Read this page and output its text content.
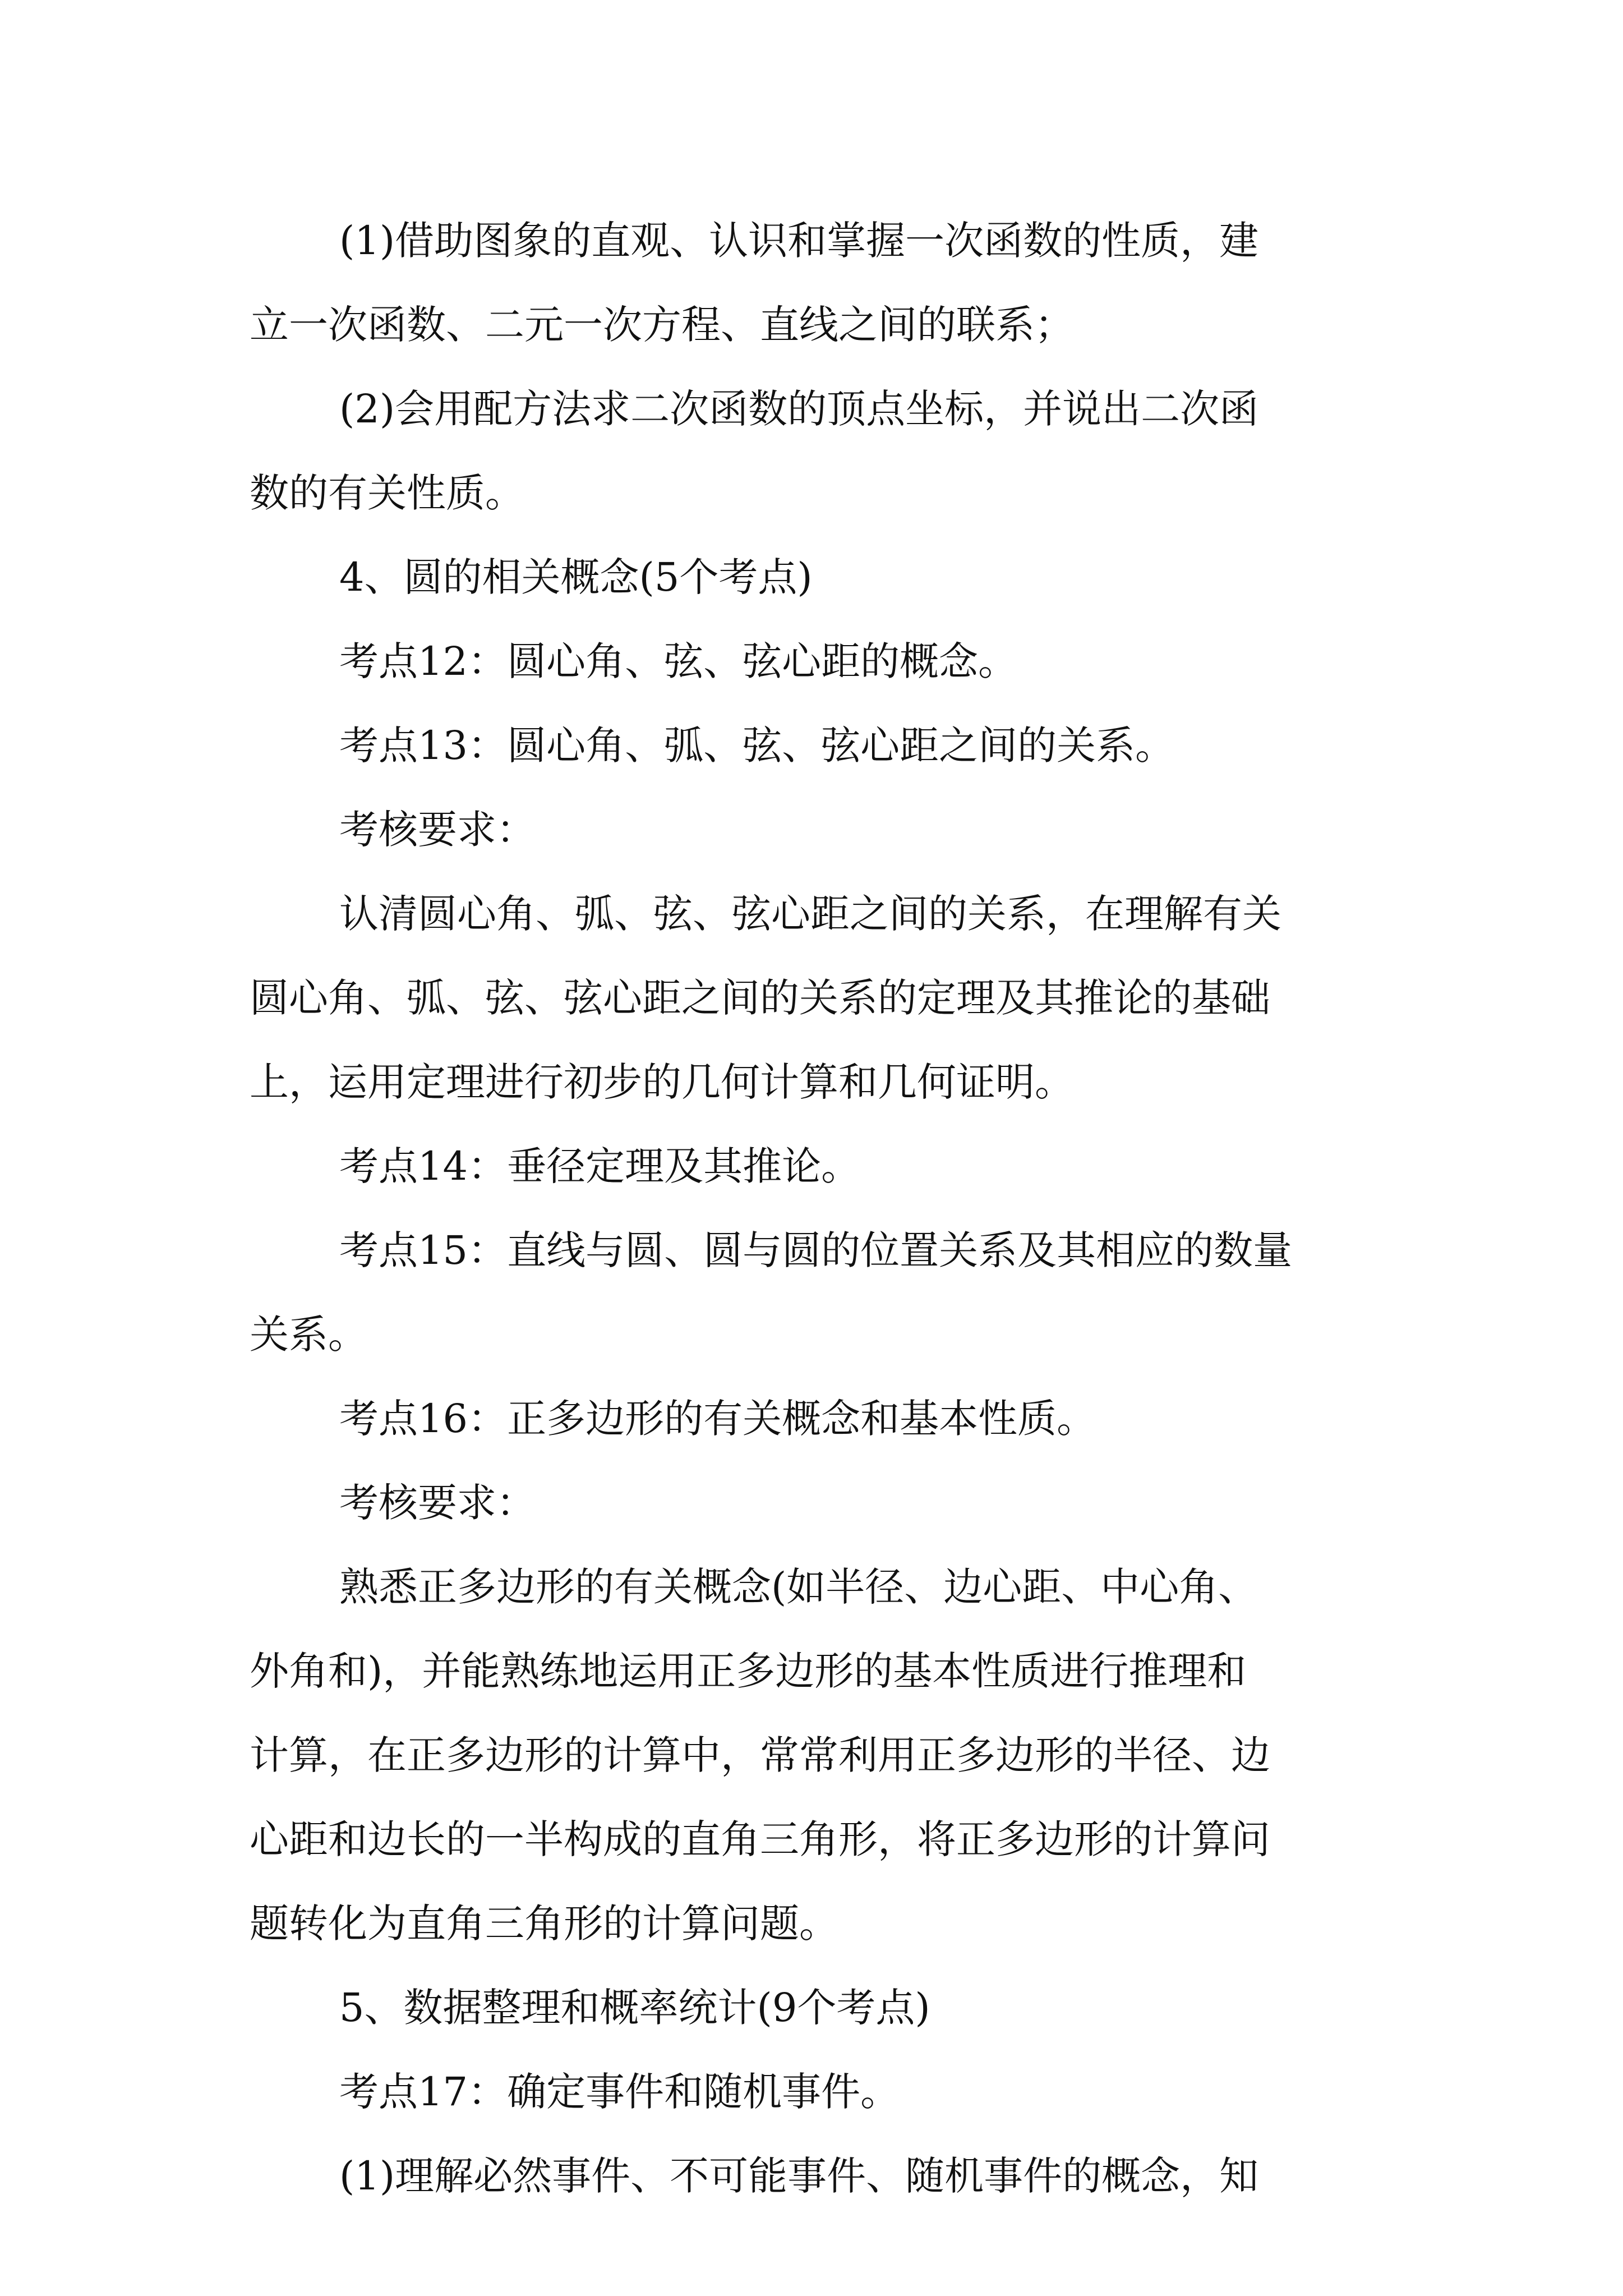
(1)借助图象的直观、认识和掌握一次函数的性质，建
立一次函数、二元一次方程、直线之间的联系；
(2)会用配方法求二次函数的顶点坐标，并说出二次函
数的有关性质。
4、圆的相关概念(5个考点)
考点12：圆心角、弦、弦心距的概念。
考点13：圆心角、弧、弦、弦心距之间的关系。
考核要求：
认清圆心角、弧、弦、弦心距之间的关系，在理解有关
圆心角、弧、弦、弦心距之间的关系的定理及其推论的基础
上，运用定理进行初步的几何计算和几何证明。
考点14：垂径定理及其推论。
考点15：直线与圆、圆与圆的位置关系及其相应的数量
关系。
考点16：正多边形的有关概念和基本性质。
考核要求：
熟悉正多边形的有关概念(如半径、边心距、中心角、
外角和)，并能熟练地运用正多边形的基本性质进行推理和
计算，在正多边形的计算中，常常利用正多边形的半径、边
心距和边长的一半构成的直角三角形，将正多边形的计算问
题转化为直角三角形的计算问题。
5、数据整理和概率统计(9个考点)
考点17：确定事件和随机事件。
(1)理解必然事件、不可能事件、随机事件的概念，知
